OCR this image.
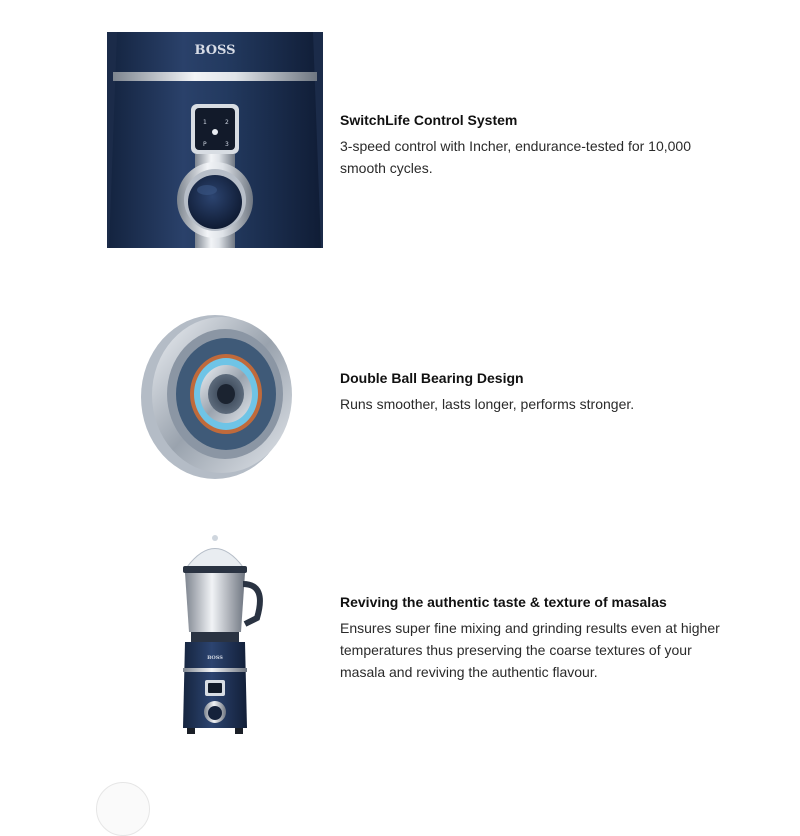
1	2
P	3
BOSS

SwitchLife Control System

3-speed control with Incher, endurance-tested for 10,000 smooth cycles.

Double Ball Bearing Design

Runs smoother, lasts longer, performs stronger.

BOSS

Reviving the authentic taste & texture of masalas

Ensures super fine mixing and grinding results even at higher temperatures thus preserving the coarse textures of your masala and reviving the authentic flavour.
